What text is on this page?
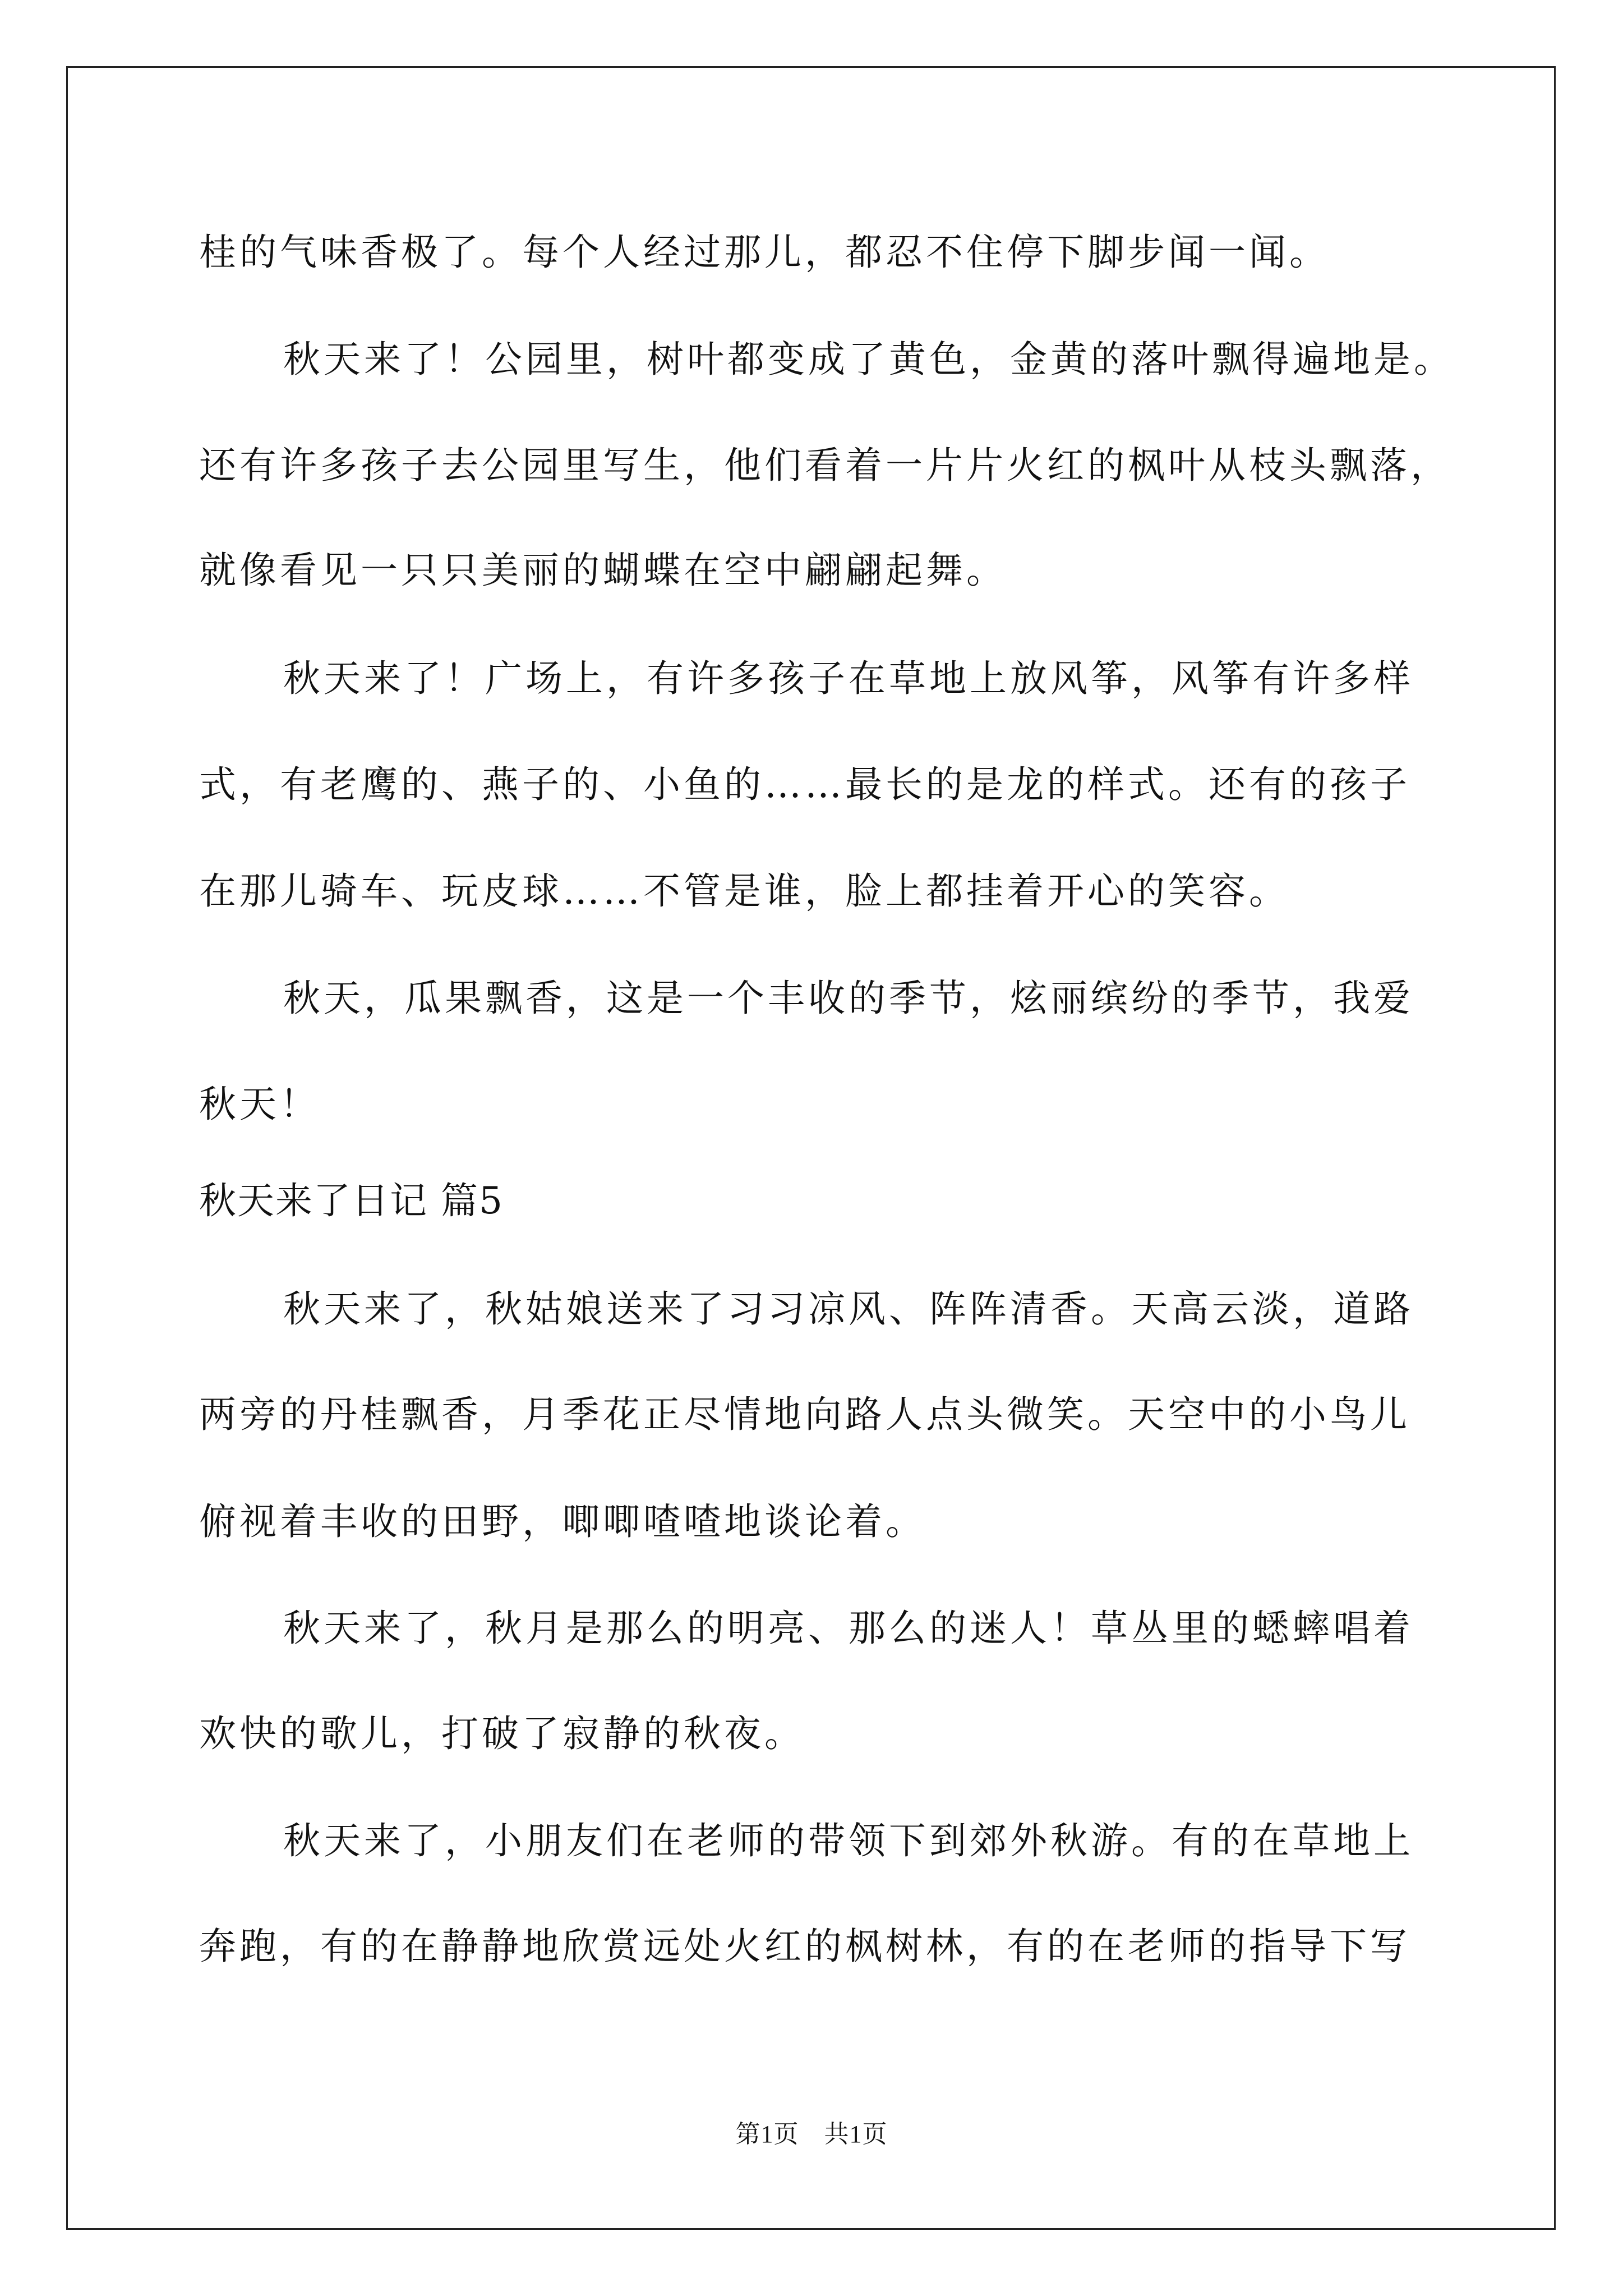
桂的气味香极了。每个人经过那儿，都忍不住停下脚步闻一闻。
秋天来了！公园里，树叶都变成了黄色，金黄的落叶飘得遍地是。
还有许多孩子去公园里写生，他们看着一片片火红的枫叶从枝头飘落，
就像看见一只只美丽的蝴蝶在空中翩翩起舞。
秋天来了！广场上，有许多孩子在草地上放风筝，风筝有许多样
式，有老鹰的、燕子的、小鱼的……最长的是龙的样式。还有的孩子
在那儿骑车、玩皮球……不管是谁，脸上都挂着开心的笑容。
秋天，瓜果飘香，这是一个丰收的季节，炫丽缤纷的季节，我爱
秋天！
秋天来了日记 篇5
秋天来了，秋姑娘送来了习习凉风、阵阵清香。天高云淡，道路
两旁的丹桂飘香，月季花正尽情地向路人点头微笑。天空中的小鸟儿
俯视着丰收的田野，唧唧喳喳地谈论着。
秋天来了，秋月是那么的明亮、那么的迷人！草丛里的蟋蟀唱着
欢快的歌儿，打破了寂静的秋夜。
秋天来了，小朋友们在老师的带领下到郊外秋游。有的在草地上
奔跑，有的在静静地欣赏远处火红的枫树林，有的在老师的指导下写
第1页　共1页
